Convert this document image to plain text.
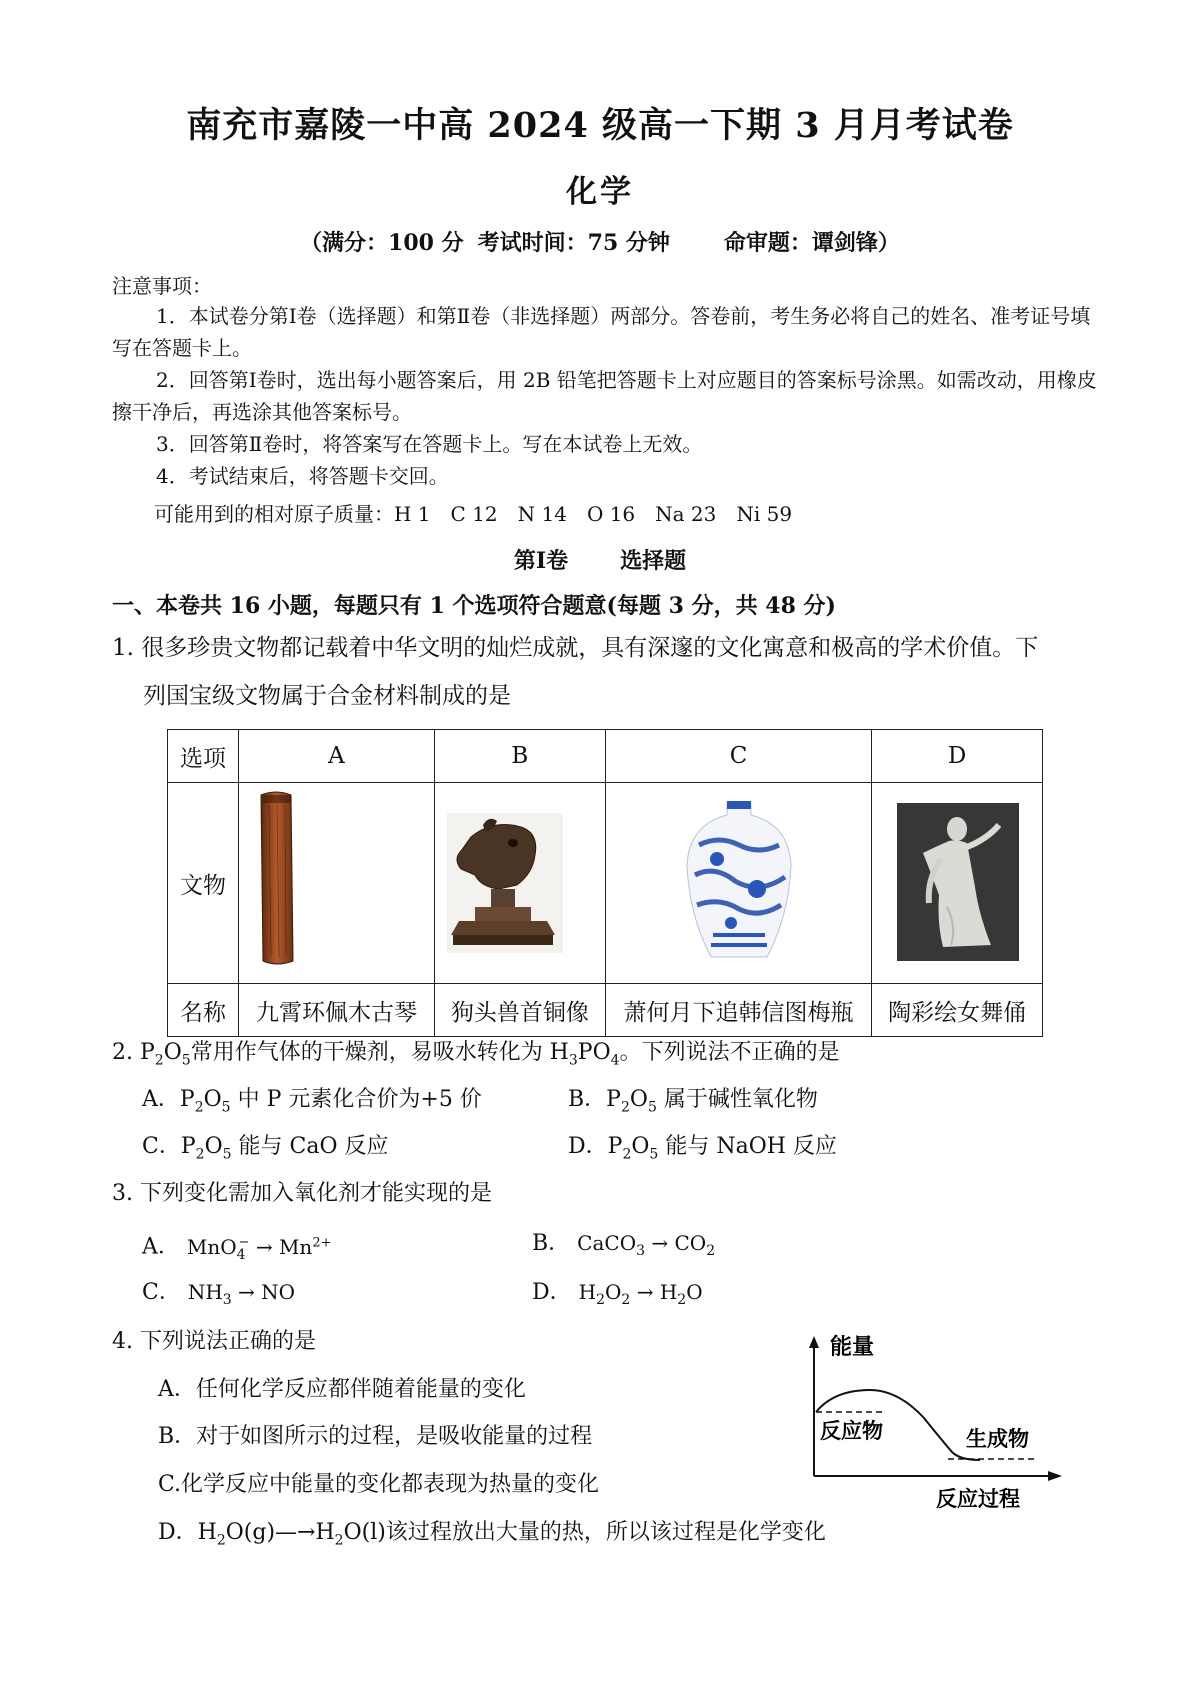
南充市嘉陵一中高 2024 级高一下期 3 月月考试卷
化学
（满分：100 分 考试时间：75 分钟 命审题：谭剑锋）
注意事项：
1．本试卷分第Ⅰ卷（选择题）和第Ⅱ卷（非选择题）两部分。答卷前，考生务必将自己的姓名、准考证号填写在答题卡上。
2．回答第Ⅰ卷时，选出每小题答案后，用 2B 铅笔把答题卡上对应题目的答案标号涂黑。如需改动，用橡皮擦干净后，再选涂其他答案标号。
3．回答第Ⅱ卷时，将答案写在答题卡上。写在本试卷上无效。
4．考试结束后，将答题卡交回。
可能用到的相对原子质量：H 1　C 12　N 14　O 16　Na 23　Ni 59
第Ⅰ卷 选择题
一、本卷共 16 小题，每题只有 1 个选项符合题意(每题 3 分，共 48 分)
1. 很多珍贵文物都记载着中华文明的灿烂成就，具有深邃的文化寓意和极高的学术价值。下
列国宝级文物属于合金材料制成的是
选项	A	B	C	D
文物				
名称	九霄环佩木古琴	狗头兽首铜像	萧何月下追韩信图梅瓶	陶彩绘女舞俑
2. $P_2O_5$常用作气体的干燥剂，易吸水转化为 $H_3PO_4$。下列说法不正确的是
A．$P_2O_5$ 中 P 元素化合价为+5 价	B．$P_2O_5$ 属于碱性氧化物
C．$P_2O_5$ 能与 CaO 反应	D．$P_2O_5$ 能与 NaOH 反应
3. 下列变化需加入氧化剂才能实现的是
A． $MnO_4^- \to Mn^{2+}$	B． CaCO$_3$ → $CO_2$
C． $NH_3$ → NO	D． $H_2O_2 \to H_2O$
4. 下列说法正确的是
A．任何化学反应都伴随着能量的变化
B．对于如图所示的过程，是吸收能量的过程
C.化学反应中能量的变化都表现为热量的变化
D．$H_2O(g)—\to H_2O(l)$该过程放出大量的热，所以该过程是化学变化
能量
反应物	生成物
反应过程
